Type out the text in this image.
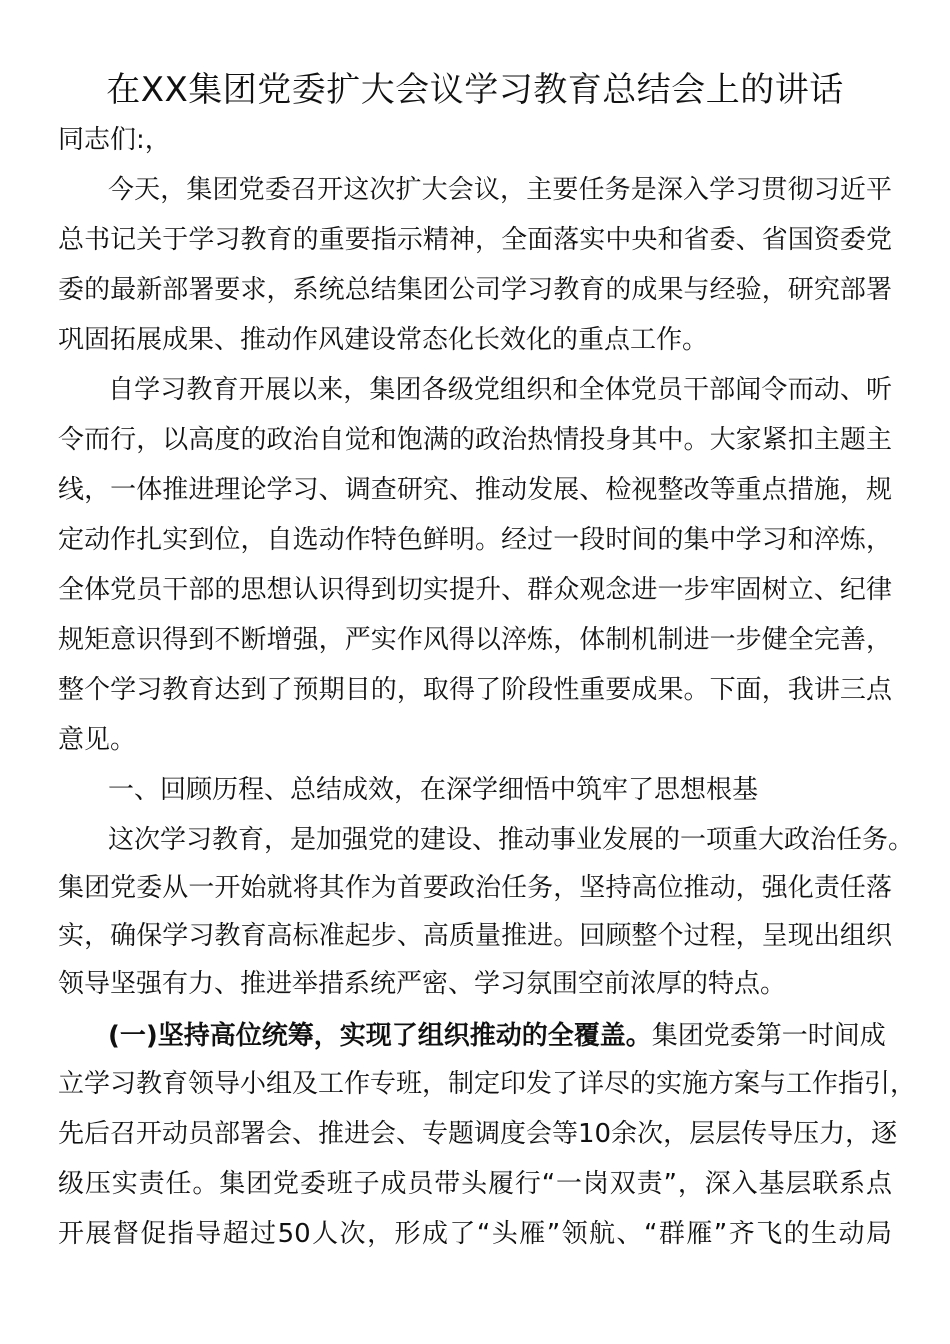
在XX集团党委扩大会议学习教育总结会上的讲话

同志们:，

今天，集团党委召开这次扩大会议，主要任务是深入学习贯彻习近平

总书记关于学习教育的重要指示精神，全面落实中央和省委、省国资委党

委的最新部署要求，系统总结集团公司学习教育的成果与经验，研究部署

巩固拓展成果、推动作风建设常态化长效化的重点工作。

自学习教育开展以来，集团各级党组织和全体党员干部闻令而动、听

令而行，以高度的政治自觉和饱满的政治热情投身其中。大家紧扣主题主

线，一体推进理论学习、调查研究、推动发展、检视整改等重点措施，规

定动作扎实到位，自选动作特色鲜明。经过一段时间的集中学习和淬炼，

全体党员干部的思想认识得到切实提升、群众观念进一步牢固树立、纪律

规矩意识得到不断增强，严实作风得以淬炼，体制机制进一步健全完善，

整个学习教育达到了预期目的，取得了阶段性重要成果。下面，我讲三点

意见。

一、回顾历程、总结成效，在深学细悟中筑牢了思想根基

这次学习教育，是加强党的建设、推动事业发展的一项重大政治任务。

集团党委从一开始就将其作为首要政治任务，坚持高位推动，强化责任落

实，确保学习教育高标准起步、高质量推进。回顾整个过程，呈现出组织

领导坚强有力、推进举措系统严密、学习氛围空前浓厚的特点。

(一)坚持高位统筹，实现了组织推动的全覆盖。集团党委第一时间成

立学习教育领导小组及工作专班，制定印发了详尽的实施方案与工作指引，

先后召开动员部署会、推进会、专题调度会等10余次，层层传导压力，逐

级压实责任。集团党委班子成员带头履行“一岗双责”，深入基层联系点

开展督促指导超过50人次，形成了“头雁”领航、“群雁”齐飞的生动局
